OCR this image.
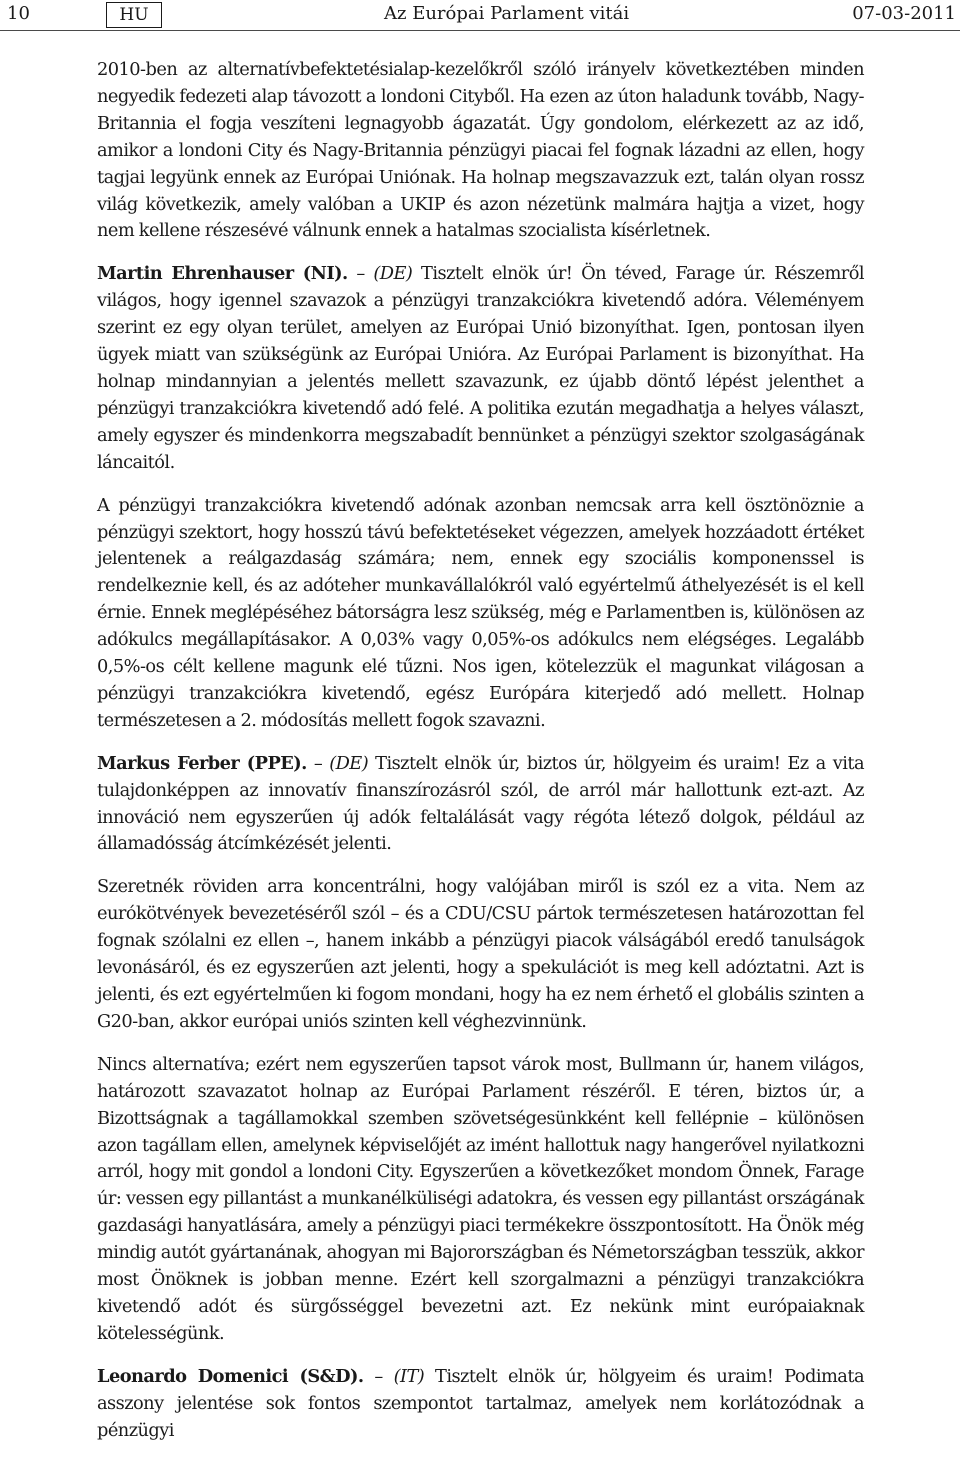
10	HU	Az Európai Parlament vitái	07-03-2011

2010-ben az alternatívbefektetésialap-kezelőkről szóló irányelv következtében minden negyedik fedezeti alap távozott a londoni Cityből. Ha ezen az úton haladunk tovább, Nagy-Britannia el fogja veszíteni legnagyobb ágazatát. Úgy gondolom, elérkezett az az idő, amikor a londoni City és Nagy-Britannia pénzügyi piacai fel fognak lázadni az ellen, hogy tagjai legyünk ennek az Európai Uniónak. Ha holnap megszavazzuk ezt, talán olyan rossz világ következik, amely valóban a UKIP és azon nézetünk malmára hajtja a vizet, hogy nem kellene részesévé válnunk ennek a hatalmas szocialista kísérletnek.

Martin Ehrenhauser (NI). – (DE) Tisztelt elnök úr! Ön téved, Farage úr. Részemről világos, hogy igennel szavazok a pénzügyi tranzakciókra kivetendő adóra. Véleményem szerint ez egy olyan terület, amelyen az Európai Unió bizonyíthat. Igen, pontosan ilyen ügyek miatt van szükségünk az Európai Unióra. Az Európai Parlament is bizonyíthat. Ha holnap mindannyian a jelentés mellett szavazunk, ez újabb döntő lépést jelenthet a pénzügyi tranzakciókra kivetendő adó felé. A politika ezután megadhatja a helyes választ, amely egyszer és mindenkorra megszabadít bennünket a pénzügyi szektor szolgaságának láncaitól.

A pénzügyi tranzakciókra kivetendő adónak azonban nemcsak arra kell ösztönöznie a pénzügyi szektort, hogy hosszú távú befektetéseket végezzen, amelyek hozzáadott értéket jelentenek a reálgazdaság számára; nem, ennek egy szociális komponenssel is rendelkeznie kell, és az adóteher munkavállalókról való egyértelmű áthelyezését is el kell érnie. Ennek meglépéséhez bátorságra lesz szükség, még e Parlamentben is, különösen az adókulcs megállapításakor. A 0,03% vagy 0,05%-os adókulcs nem elégséges. Legalább 0,5%-os célt kellene magunk elé tűzni. Nos igen, kötelezzük el magunkat világosan a pénzügyi tranzakciókra kivetendő, egész Európára kiterjedő adó mellett. Holnap természetesen a 2. módosítás mellett fogok szavazni.

Markus Ferber (PPE). – (DE) Tisztelt elnök úr, biztos úr, hölgyeim és uraim! Ez a vita tulajdonképpen az innovatív finanszírozásról szól, de arról már hallottunk ezt-azt. Az innováció nem egyszerűen új adók feltalálását vagy régóta létező dolgok, például az államadósság átcímkézését jelenti.

Szeretnék röviden arra koncentrálni, hogy valójában miről is szól ez a vita. Nem az eurókötvények bevezetéséről szól – és a CDU/CSU pártok természetesen határozottan fel fognak szólalni ez ellen –, hanem inkább a pénzügyi piacok válságából eredő tanulságok levonásáról, és ez egyszerűen azt jelenti, hogy a spekulációt is meg kell adóztatni. Azt is jelenti, és ezt egyértelműen ki fogom mondani, hogy ha ez nem érhető el globális szinten a G20-ban, akkor európai uniós szinten kell véghezvinnünk.

Nincs alternatíva; ezért nem egyszerűen tapsot várok most, Bullmann úr, hanem világos, határozott szavazatot holnap az Európai Parlament részéről. E téren, biztos úr, a Bizottságnak a tagállamokkal szemben szövetségesünkként kell fellépnie – különösen azon tagállam ellen, amelynek képviselőjét az imént hallottuk nagy hangerővel nyilatkozni arról, hogy mit gondol a londoni City. Egyszerűen a következőket mondom Önnek, Farage úr: vessen egy pillantást a munkanélküliségi adatokra, és vessen egy pillantást országának gazdasági hanyatlására, amely a pénzügyi piaci termékekre összpontosított. Ha Önök még mindig autót gyártanának, ahogyan mi Bajorországban és Németországban tesszük, akkor most Önöknek is jobban menne. Ezért kell szorgalmazni a pénzügyi tranzakciókra kivetendő adót és sürgősséggel bevezetni azt. Ez nekünk mint európaiaknak kötelességünk.

Leonardo Domenici (S&D). – (IT) Tisztelt elnök úr, hölgyeim és uraim! Podimata asszony jelentése sok fontos szempontot tartalmaz, amelyek nem korlátozódnak a pénzügyi
